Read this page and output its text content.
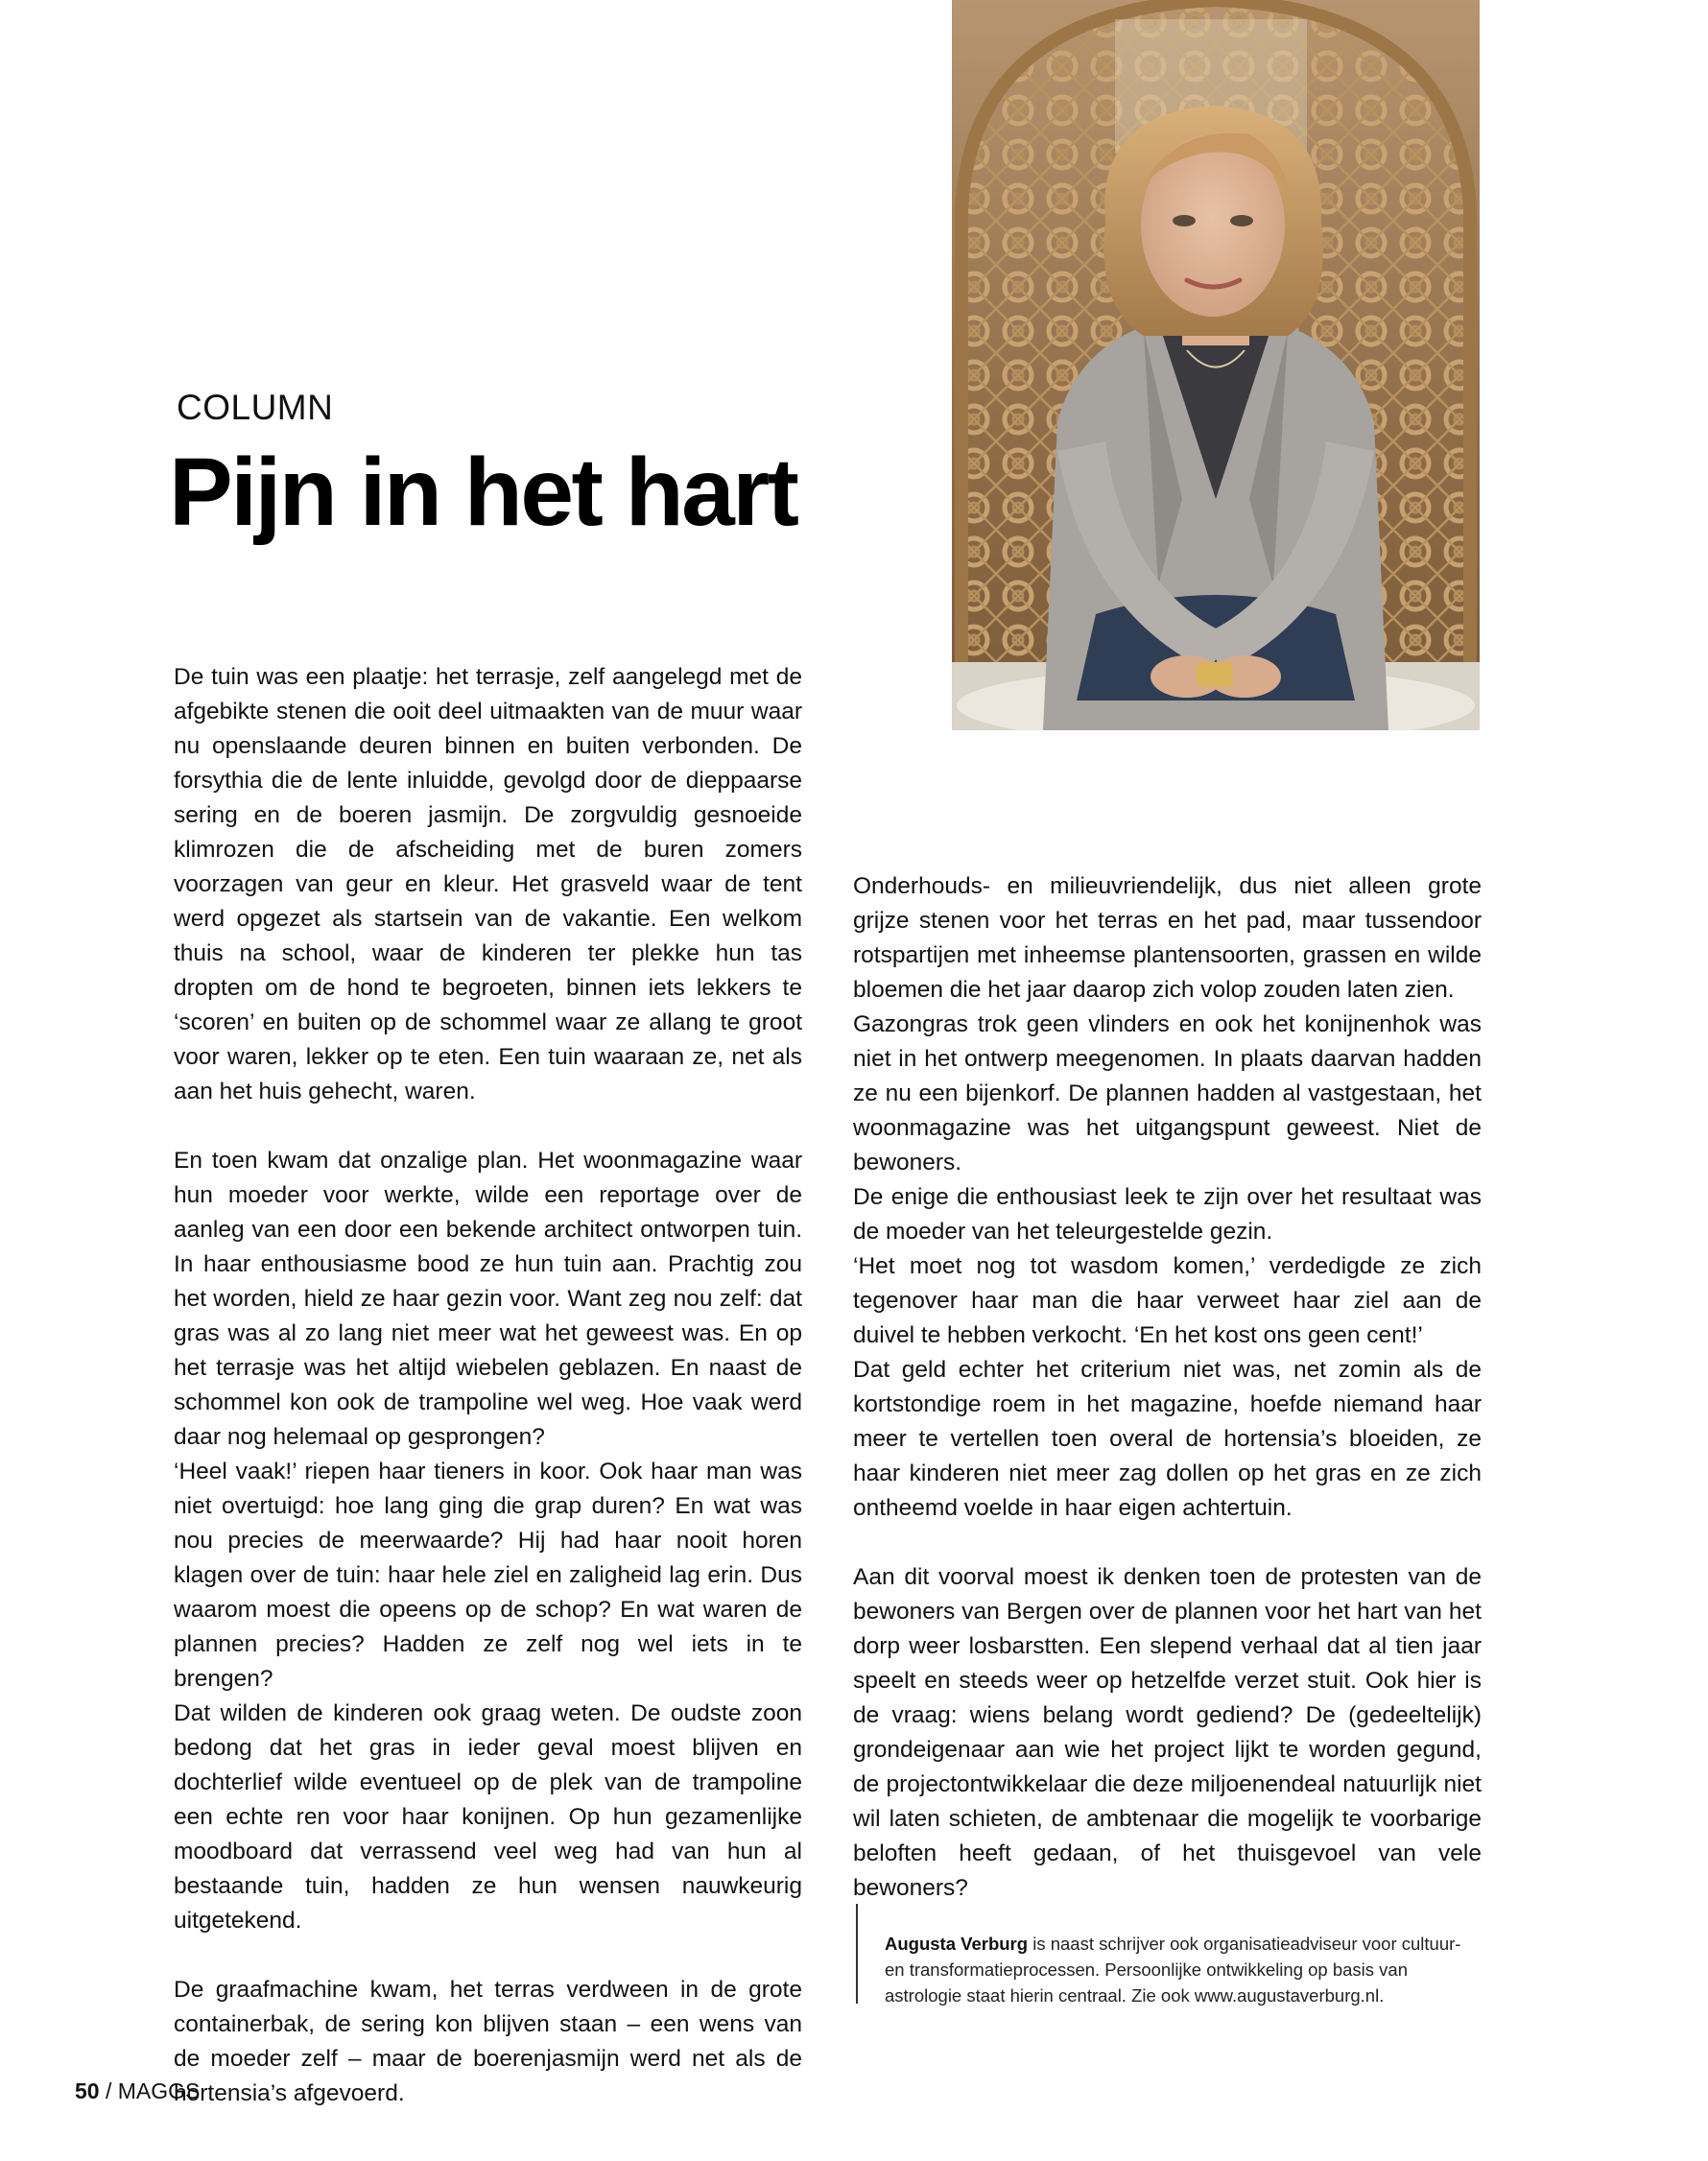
COLUMN
Pijn in het hart

De tuin was een plaatje: het terrasje, zelf aangelegd met de afgebikte stenen die ooit deel uitmaakten van de muur waar nu openslaande deuren binnen en buiten verbonden. De forsythia die de lente inluidde, gevolgd door de dieppaarse sering en de boeren jasmijn. De zorgvuldig gesnoeide klimrozen die de afscheiding met de buren zomers voorzagen van geur en kleur. Het grasveld waar de tent werd opgezet als startsein van de vakantie. Een welkom thuis na school, waar de kinderen ter plekke hun tas dropten om de hond te begroeten, binnen iets lekkers te ‘scoren’ en buiten op de schommel waar ze allang te groot voor waren, lekker op te eten. Een tuin waaraan ze, net als aan het huis gehecht, waren.

En toen kwam dat onzalige plan. Het woonmagazine waar hun moeder voor werkte, wilde een reportage over de aanleg van een door een bekende architect ontworpen tuin. In haar enthousiasme bood ze hun tuin aan. Prachtig zou het worden, hield ze haar gezin voor. Want zeg nou zelf: dat gras was al zo lang niet meer wat het geweest was. En op het terrasje was het altijd wiebelen geblazen. En naast de schommel kon ook de trampoline wel weg. Hoe vaak werd daar nog helemaal op gesprongen?

‘Heel vaak!’ riepen haar tieners in koor. Ook haar man was niet overtuigd: hoe lang ging die grap duren? En wat was nou precies de meerwaarde? Hij had haar nooit horen klagen over de tuin: haar hele ziel en zaligheid lag erin. Dus waarom moest die opeens op de schop? En wat waren de plannen precies? Hadden ze zelf nog wel iets in te brengen?

Dat wilden de kinderen ook graag weten. De oudste zoon bedong dat het gras in ieder geval moest blijven en dochterlief wilde eventueel op de plek van de trampoline een echte ren voor haar konijnen. Op hun gezamenlijke moodboard dat verrassend veel weg had van hun al bestaande tuin, hadden ze hun wensen nauwkeurig uitgetekend.

De graafmachine kwam, het terras verdween in de grote containerbak, de sering kon blijven staan – een wens van de moeder zelf – maar de boerenjasmijn werd net als de hortensia’s afgevoerd.

Onderhouds- en milieuvriendelijk, dus niet alleen grote grijze stenen voor het terras en het pad, maar tussendoor rotspartijen met inheemse plantensoorten, grassen en wilde bloemen die het jaar daarop zich volop zouden laten zien.

Gazongras trok geen vlinders en ook het konijnenhok was niet in het ontwerp meegenomen. In plaats daarvan hadden ze nu een bijenkorf. De plannen hadden al vastgestaan, het woonmagazine was het uitgangspunt geweest. Niet de bewoners.

De enige die enthousiast leek te zijn over het resultaat was de moeder van het teleurgestelde gezin.

‘Het moet nog tot wasdom komen,’ verdedigde ze zich tegenover haar man die haar verweet haar ziel aan de duivel te hebben verkocht. ‘En het kost ons geen cent!’

Dat geld echter het criterium niet was, net zomin als de kortstondige roem in het magazine, hoefde niemand haar meer te vertellen toen overal de hortensia’s bloeiden, ze haar kinderen niet meer zag dollen op het gras en ze zich ontheemd voelde in haar eigen achtertuin.

Aan dit voorval moest ik denken toen de protesten van de bewoners van Bergen over de plannen voor het hart van het dorp weer losbarstten. Een slepend verhaal dat al tien jaar speelt en steeds weer op hetzelfde verzet stuit. Ook hier is de vraag: wiens belang wordt gediend? De (gedeeltelijk) grondeigenaar aan wie het project lijkt te worden gegund, de projectontwikkelaar die deze miljoenendeal natuurlijk niet wil laten schieten, de ambtenaar die mogelijk te voorbarige beloften heeft gedaan, of het thuisgevoel van vele bewoners?

Augusta Verburg is naast schrijver ook organisatieadviseur voor cultuur- en transformatieprocessen. Persoonlijke ontwikkeling op basis van astrologie staat hierin centraal. Zie ook www.augustaverburg.nl.

50 / MAGGS
